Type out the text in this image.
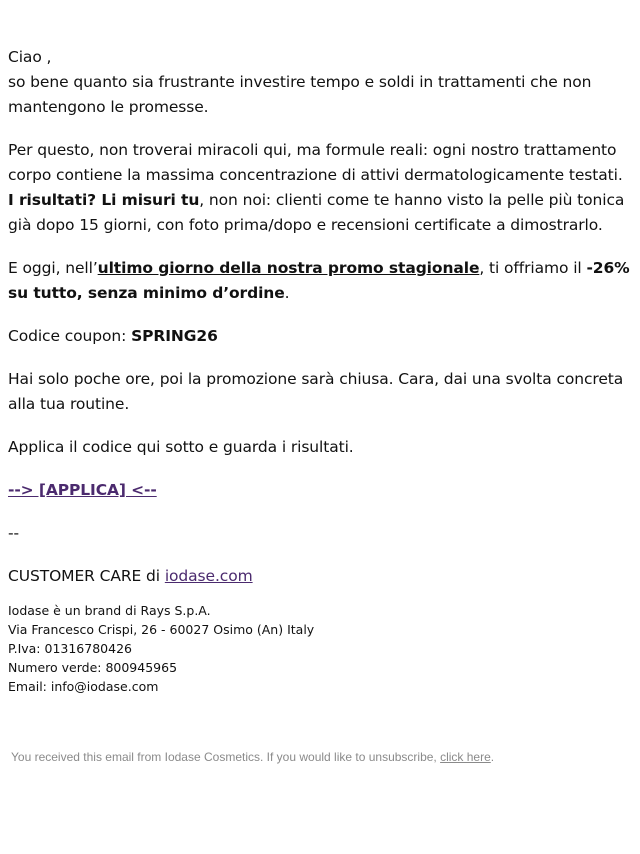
Ciao ,
so bene quanto sia frustrante investire tempo e soldi in trattamenti che non mantengono le promesse.

Per questo, non troverai miracoli qui, ma formule reali: ogni nostro trattamento corpo contiene la massima concentrazione di attivi dermatologicamente testati. I risultati? Li misuri tu, non noi: clienti come te hanno visto la pelle più tonica già dopo 15 giorni, con foto prima/dopo e recensioni certificate a dimostrarlo.

E oggi, nell’ultimo giorno della nostra promo stagionale, ti offriamo il -26% su tutto, senza minimo d’ordine.

Codice coupon: SPRING26

Hai solo poche ore, poi la promozione sarà chiusa. Cara, dai una svolta concreta alla tua routine.

Applica il codice qui sotto e guarda i risultati.

--> [APPLICA] <--

--

CUSTOMER CARE di iodase.com

Iodase è un brand di Rays S.p.A.

Via Francesco Crispi, 26 - 60027 Osimo (An) Italy

P.Iva: 01316780426

Numero verde: 800945965

Email: info@iodase.com

You received this email from Iodase Cosmetics. If you would like to unsubscribe, click here.
